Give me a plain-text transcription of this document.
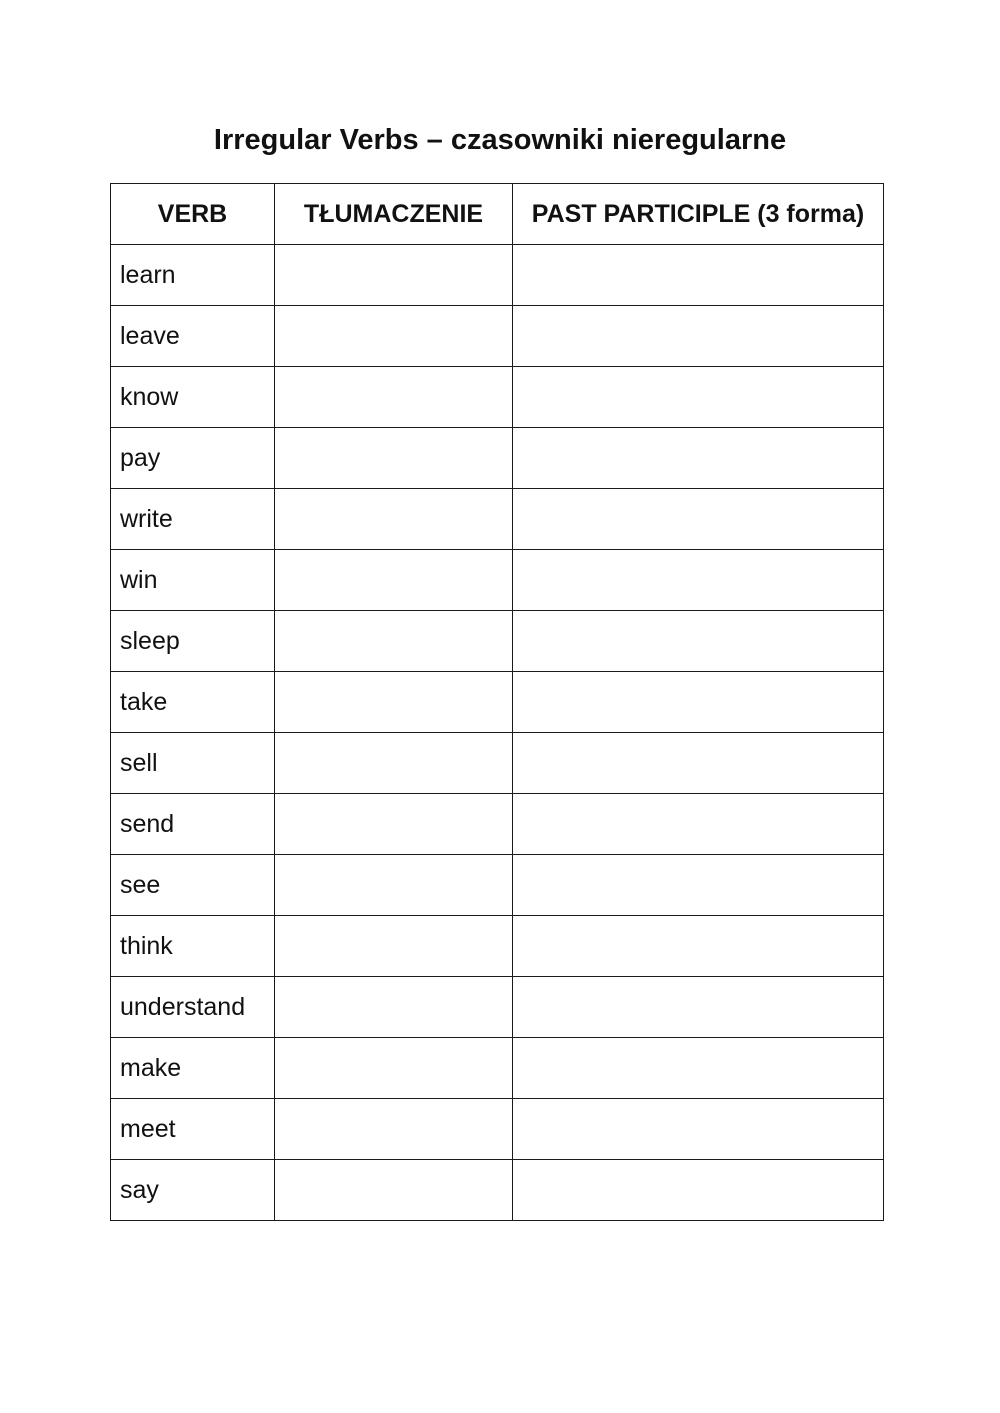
Irregular Verbs – czasowniki nieregularne
VERB	TŁUMACZENIE	PAST PARTICIPLE (3 forma)
learn		
leave		
know		
pay		
write		
win		
sleep		
take		
sell		
send		
see		
think		
understand		
make		
meet		
say		
